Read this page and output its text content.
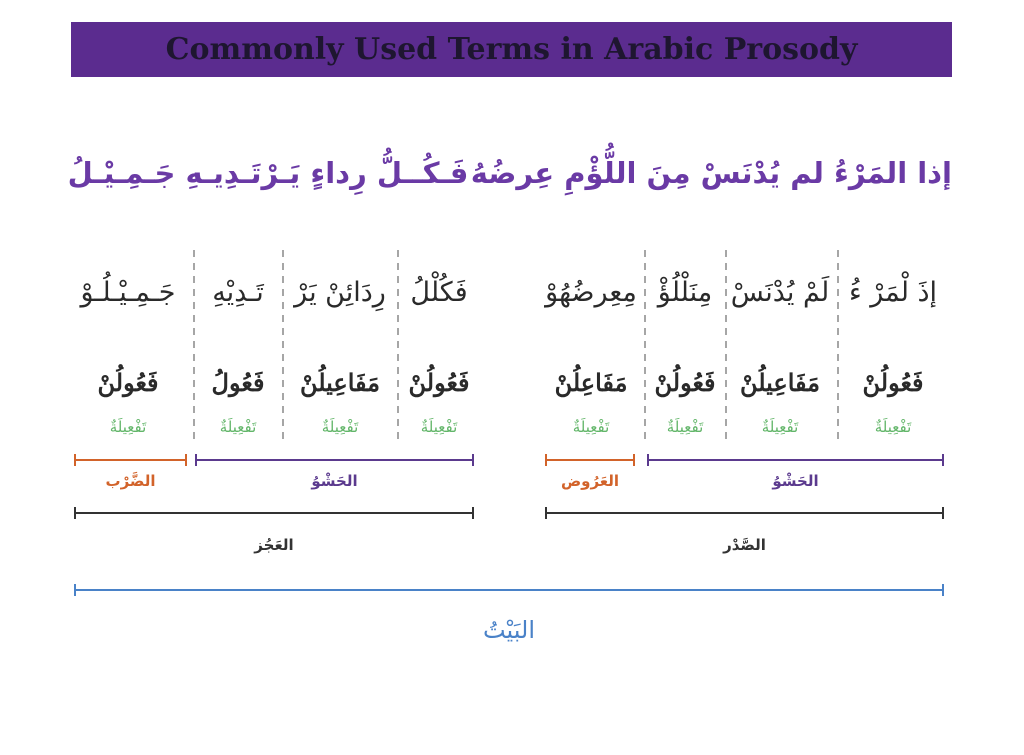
Commonly Used Terms in Arabic Prosody
إذا المَرْءُ لم يُدْنَسْ مِنَ اللُّؤْمِ عِرضُهُ
فَـكُــلُّ رِداءٍ يَـرْتَـدِيـهِ جَـمِـيْـلُ
إذَ لْمَرْ ءُ
لَمْ يُدْنَسْ
مِنَلْلُؤْ
مِعِرضُهُوْ
فَكُلْلُ
رِدَائِنْ يَرْ
تَـدِيْهِ
جَـمِـيْـلُـوْ
فَعُولُنْ
مَفَاعِيلُنْ
فَعُولُنْ
مَفَاعِلُنْ
فَعُولُنْ
مَفَاعِيلُنْ
فَعُولُ
فَعُولُنْ
تَفْعِيلَةٌ
تَفْعِيلَةٌ
تَفْعِيلَةٌ
تَفْعِيلَةٌ
تَفْعِيلَةٌ
تَفْعِيلَةٌ
تَفْعِيلَةٌ
تَفْعِيلَةٌ
الحَشْوُ
العَرُوض
الحَشْوُ
الضَّرْب
الصَّدْر
العَجُز
البَيْتُ
